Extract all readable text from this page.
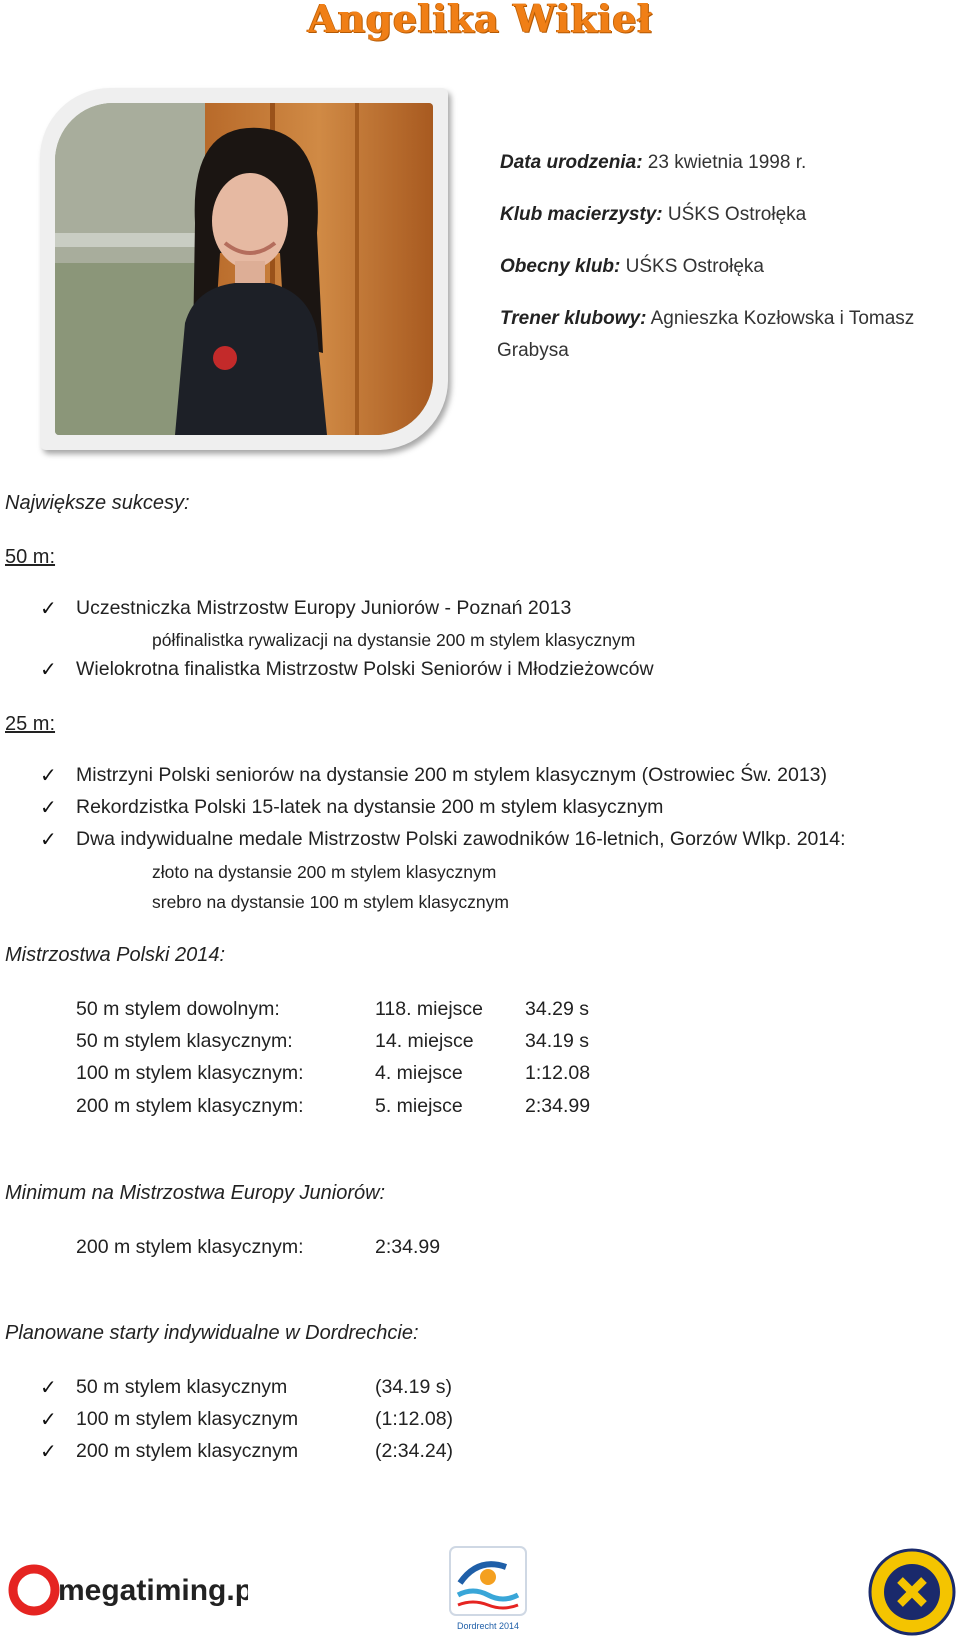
Angelika Wikieł
Data urodzenia: 23 kwietnia 1998 r.
Klub macierzysty: UŚKS Ostrołęka
Obecny klub: UŚKS Ostrołęka
Trener klubowy: Agnieszka Kozłowska i Tomasz
Grabysa
Największe sukcesy:
50 m:
✓ Uczestniczka Mistrzostw Europy Juniorów - Poznań 2013
półfinalistka rywalizacji na dystansie 200 m stylem klasycznym
✓ Wielokrotna finalistka Mistrzostw Polski Seniorów i Młodzieżowców
25 m:
✓ Mistrzyni Polski seniorów na dystansie 200 m stylem klasycznym (Ostrowiec Św. 2013)
✓ Rekordzistka Polski 15-latek na dystansie 200 m stylem klasycznym
✓ Dwa indywidualne medale Mistrzostw Polski zawodników 16-letnich, Gorzów Wlkp. 2014:
złoto na dystansie 200 m stylem klasycznym
srebro na dystansie 100 m stylem klasycznym
Mistrzostwa Polski 2014:
50 m stylem dowolnym:	118. miejsce 34.29 s
50 m stylem klasycznym:	14. miejsce	34.19 s
100 m stylem klasycznym:	4. miejsce	1:12.08
200 m stylem klasycznym:	5. miejsce	2:34.99
Minimum na Mistrzostwa Europy Juniorów:
200 m stylem klasycznym:	2:34.99
Planowane starty indywidualne w Dordrechcie:
✓ 50 m stylem klasycznym	(34.19 s)
✓ 100 m stylem klasycznym	(1:12.08)
✓ 200 m stylem klasycznym	(2:34.24)
megatiming.pl
Dordrecht 2014
